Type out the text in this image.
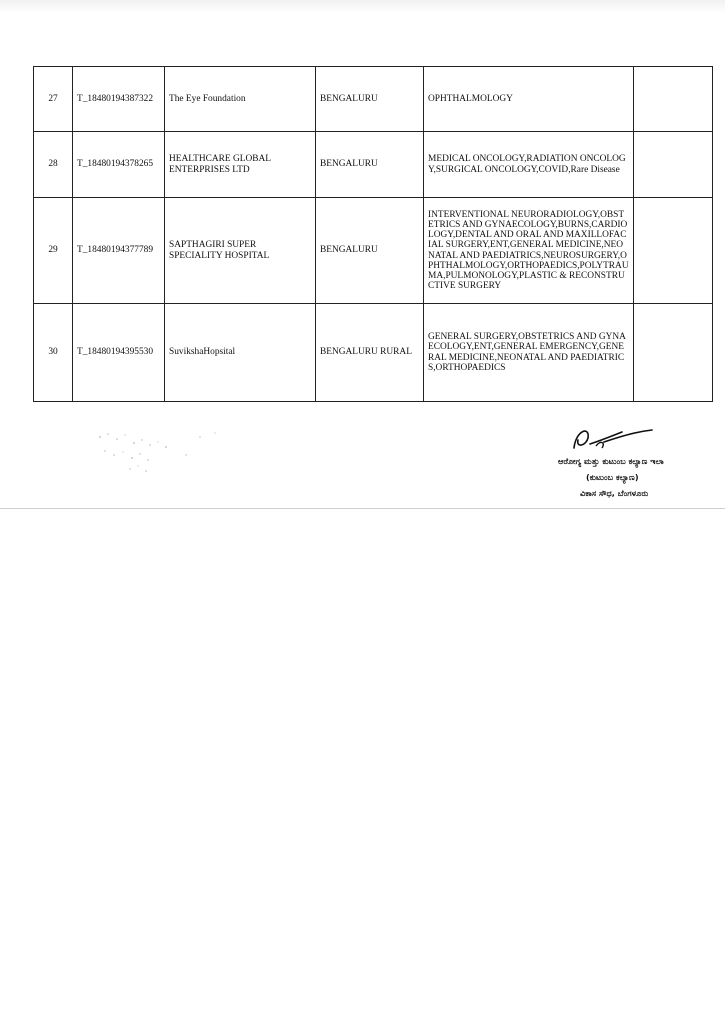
27	T_18480194387322	The Eye Foundation	BENGALURU	OPHTHALMOLOGY	

28	T_18480194378265	HEALTHCARE GLOBAL ENTERPRISES LTD	BENGALURU	MEDICAL ONCOLOGY,RADIATION ONCOLOGY,SURGICAL ONCOLOGY,COVID,Rare Disease	

29	T_18480194377789	SAPTHAGIRI SUPER SPECIALITY HOSPITAL	BENGALURU	INTERVENTIONAL NEURORADIOLOGY,OBSTETRICS AND GYNAECOLOGY,BURNS,CARDIOLOGY,DENTAL AND ORAL AND MAXILLOFACIAL SURGERY,ENT,GENERAL MEDICINE,NEONATAL AND PAEDIATRICS,NEUROSURGERY,OPHTHALMOLOGY,ORTHOPAEDICS,POLYTRAUMA,PULMONOLOGY,PLASTIC & RECONSTRUCTIVE SURGERY	

30	T_18480194395530	SuvikshaHopsital	BENGALURU RURAL	GENERAL SURGERY,OBSTETRICS AND GYNAECOLOGY,ENT,GENERAL EMERGENCY,GENERAL MEDICINE,NEONATAL AND PAEDIATRICS,ORTHOPAEDICS	

ಆರೋಗ್ಯ ಮತ್ತು ಕುಟುಂಬ ಕಲ್ಯಾಣ ಇಲಾ
(ಕುಟುಂಬ ಕಲ್ಯಾಣ)
ವಿಕಾಸ ಸೌಧ, ಬೆಂಗಳೂರು
